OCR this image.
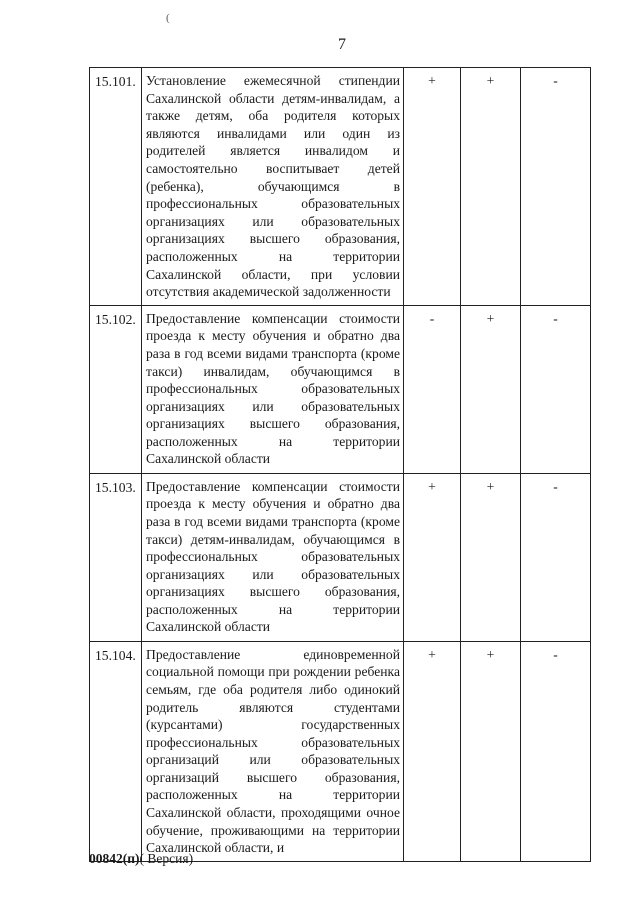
(
7
15.101.	Установление ежемесячной стипендии Сахалинской области детям-инвалидам, а также детям, оба родителя которых являются инвалидами или один из родителей является инвалидом и самостоятельно воспитывает детей (ребенка), обучающимся в профессиональных образовательных организациях или образовательных организациях высшего образования, расположенных на территории Сахалинской области, при условии отсутствия академической задолженности	+	+	-
15.102.	Предоставление компенсации стоимости проезда к месту обучения и обратно два раза в год всеми видами транспорта (кроме такси) инвалидам, обучающимся в профессиональных образовательных организациях или образовательных организациях высшего образования, расположенных на территории Сахалинской области	-	+	-
15.103.	Предоставление компенсации стоимости проезда к месту обучения и обратно два раза в год всеми видами транспорта (кроме такси) детям-инвалидам, обучающимся в профессиональных образовательных организациях или образовательных организациях высшего образования, расположенных на территории Сахалинской области	+	+	-
15.104.	Предоставление единовременной социальной помощи при рождении ребенка семьям, где оба родителя либо одинокий родитель являются студентами (курсантами) государственных профессиональных образовательных организаций или образовательных организаций высшего образования, расположенных на территории Сахалинской области, проходящими очное обучение, проживающими на территории Сахалинской области, и	+	+	-
00842(п)( Версия)
